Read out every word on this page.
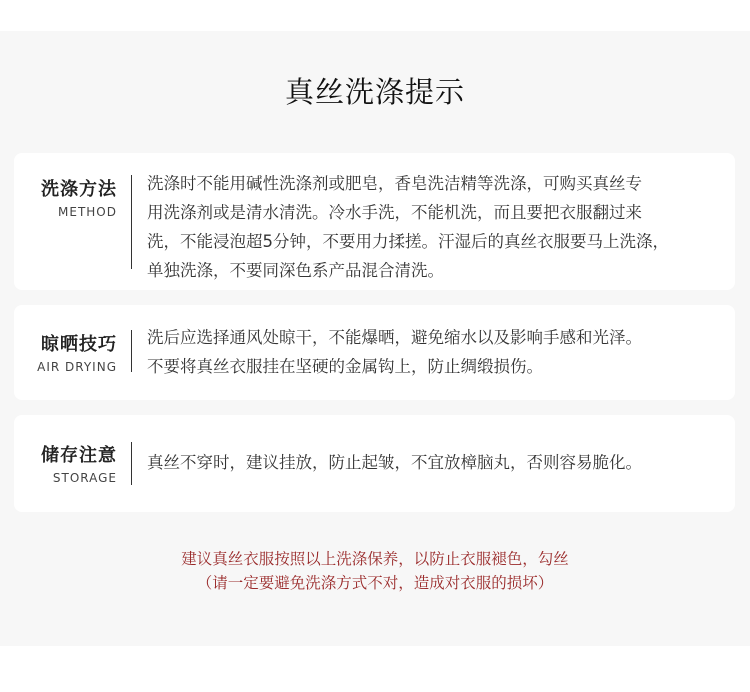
真丝洗涤提示
洗涤方法
METHOD
洗涤时不能用碱性洗涤剂或肥皂，香皂洗洁精等洗涤，可购买真丝专
用洗涤剂或是清水清洗。冷水手洗，不能机洗，而且要把衣服翻过来
洗，不能浸泡超5分钟，不要用力揉搓。汗湿后的真丝衣服要马上洗涤，
单独洗涤，不要同深色系产品混合清洗。
晾晒技巧
AIR DRYING
洗后应选择通风处晾干，不能爆晒，避免缩水以及影响手感和光泽。
不要将真丝衣服挂在坚硬的金属钩上，防止绸缎损伤。
储存注意
STORAGE
真丝不穿时，建议挂放，防止起皱，不宜放樟脑丸，否则容易脆化。
建议真丝衣服按照以上洗涤保养，以防止衣服褪色，勾丝
（请一定要避免洗涤方式不对，造成对衣服的损坏）
